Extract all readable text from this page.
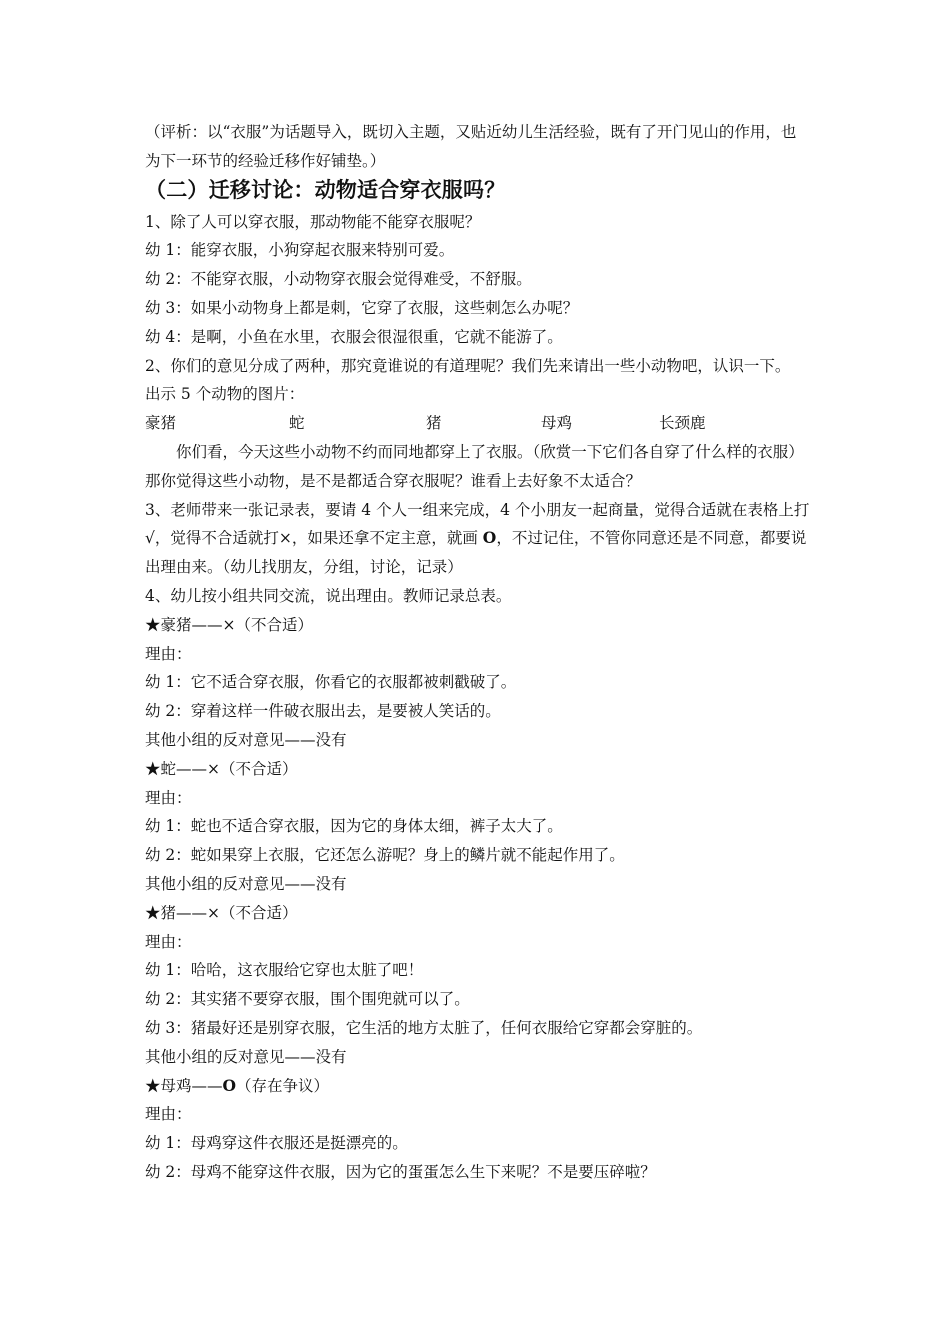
（评析：以“衣服”为话题导入，既切入主题，又贴近幼儿生活经验，既有了开门见山的作用，也为下一环节的经验迁移作好铺垫。）

（二）迁移讨论：动物适合穿衣服吗？

1、除了人可以穿衣服，那动物能不能穿衣服呢？

幼 1：能穿衣服，小狗穿起衣服来特别可爱。

幼 2：不能穿衣服，小动物穿衣服会觉得难受，不舒服。

幼 3：如果小动物身上都是刺，它穿了衣服，这些刺怎么办呢？

幼 4：是啊，小鱼在水里，衣服会很湿很重，它就不能游了。

2、你们的意见分成了两种，那究竟谁说的有道理呢？我们先来请出一些小动物吧，认识一下。

出示 5 个动物的图片：

豪猪	蛇	猪	母鸡	长颈鹿

你们看，今天这些小动物不约而同地都穿上了衣服。（欣赏一下它们各自穿了什么样的衣服）那你觉得这些小动物，是不是都适合穿衣服呢？谁看上去好象不太适合？

3、老师带来一张记录表，要请 4 个人一组来完成，4 个小朋友一起商量，觉得合适就在表格上打 √，觉得不合适就打×，如果还拿不定主意，就画 O，不过记住，不管你同意还是不同意，都要说出理由来。（幼儿找朋友，分组，讨论，记录）

4、幼儿按小组共同交流，说出理由。教师记录总表。

★豪猪——×（不合适）

理由：

幼 1：它不适合穿衣服，你看它的衣服都被刺戳破了。

幼 2：穿着这样一件破衣服出去，是要被人笑话的。

其他小组的反对意见——没有

★蛇——×（不合适）

理由：

幼 1：蛇也不适合穿衣服，因为它的身体太细，裤子太大了。

幼 2：蛇如果穿上衣服，它还怎么游呢？身上的鳞片就不能起作用了。

其他小组的反对意见——没有

★猪——×（不合适）

理由：

幼 1：哈哈，这衣服给它穿也太脏了吧！

幼 2：其实猪不要穿衣服，围个围兜就可以了。

幼 3：猪最好还是别穿衣服，它生活的地方太脏了，任何衣服给它穿都会穿脏的。

其他小组的反对意见——没有

★母鸡——O（存在争议）

理由：

幼 1：母鸡穿这件衣服还是挺漂亮的。

幼 2：母鸡不能穿这件衣服，因为它的蛋蛋怎么生下来呢？不是要压碎啦？
